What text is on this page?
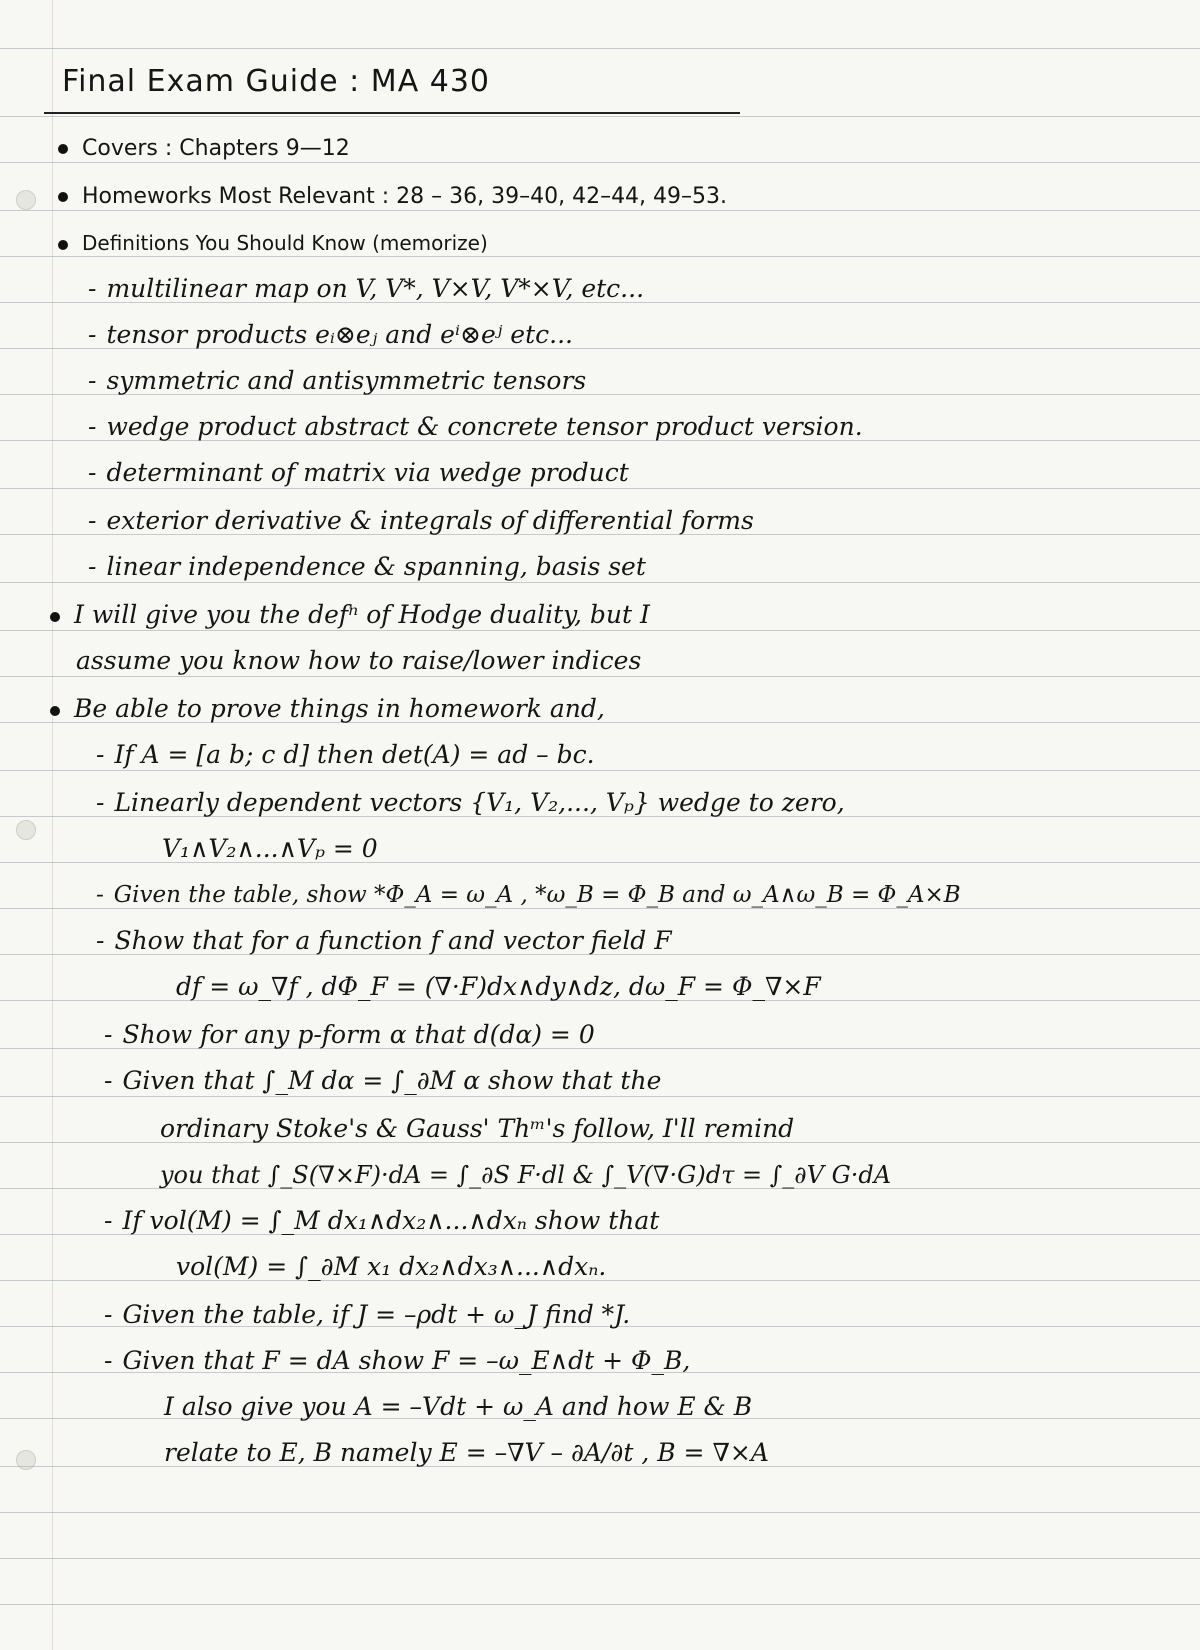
Final Exam Guide : MA 430
Covers : Chapters 9—12
Homeworks Most Relevant : 28 – 36, 39–40, 42–44, 49–53.
Definitions You Should Know (memorize)
- multilinear map on V, V*, V×V, V*×V, etc...
- tensor products eᵢ⊗eⱼ and eⁱ⊗eʲ etc...
- symmetric and antisymmetric tensors
- wedge product abstract & concrete tensor product version.
- determinant of matrix via wedge product
- exterior derivative & integrals of differential forms
- linear independence & spanning, basis set
I will give you the defⁿ of Hodge duality, but I
assume you know how to raise/lower indices
Be able to prove things in homework and,
- If A = [a b; c d] then det(A) = ad – bc.
- Linearly dependent vectors {V₁, V₂,..., Vₚ} wedge to zero,
V₁∧V₂∧...∧Vₚ = 0
- Given the table, show *Φ_A = ω_A , *ω_B = Φ_B and ω_A∧ω_B = Φ_A×B
- Show that for a function f and vector field F
df = ω_∇f , dΦ_F = (∇·F)dx∧dy∧dz, dω_F = Φ_∇×F
- Show for any p-form α that d(dα) = 0
- Given that ∫_M dα = ∫_∂M α show that the
ordinary Stoke's & Gauss' Thᵐ's follow, I'll remind
you that ∫_S(∇×F)·dA = ∫_∂S F·dl & ∫_V(∇·G)dτ = ∫_∂V G·dA
- If vol(M) = ∫_M dx₁∧dx₂∧...∧dxₙ show that
vol(M) = ∫_∂M x₁ dx₂∧dx₃∧...∧dxₙ.
- Given the table, if J = –ρdt + ω_J find *J.
- Given that F = dA show F = –ω_E∧dt + Φ_B,
I also give you A = –Vdt + ω_A and how E & B
relate to E, B namely E = –∇V – ∂A/∂t , B = ∇×A
